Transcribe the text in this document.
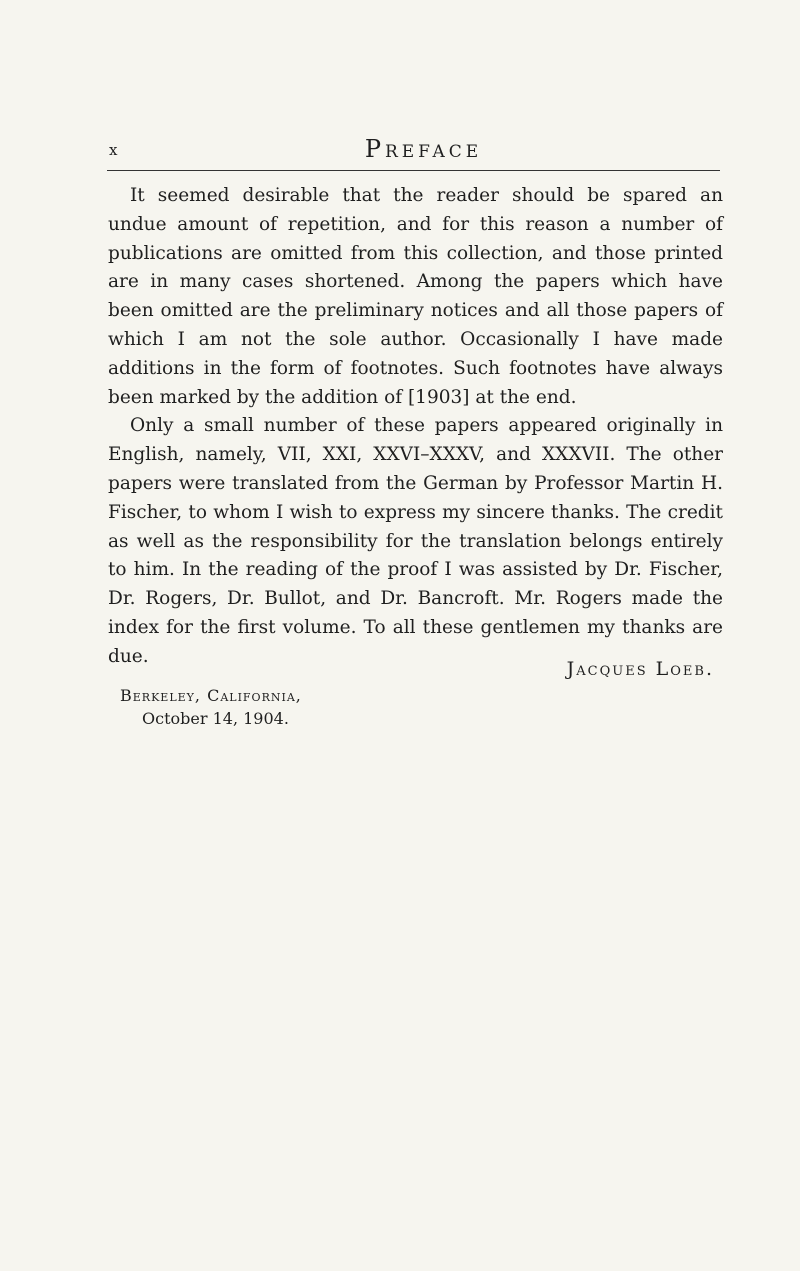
x	Preface

It seemed desirable that the reader should be spared an undue amount of repetition, and for this reason a number of publications are omitted from this collection, and those printed are in many cases shortened. Among the papers which have been omitted are the preliminary notices and all those papers of which I am not the sole author. Occasionally I have made additions in the form of footnotes. Such footnotes have always been marked by the addition of [1903] at the end.

Only a small number of these papers appeared originally in English, namely, VII, XXI, XXVI–XXXV, and XXXVII. The other papers were translated from the German by Professor Martin H. Fischer, to whom I wish to express my sincere thanks. The credit as well as the responsibility for the translation belongs entirely to him. In the reading of the proof I was assisted by Dr. Fischer, Dr. Rogers, Dr. Bullot, and Dr. Bancroft. Mr. Rogers made the index for the first volume. To all these gentlemen my thanks are due.

Jacques Loeb.
Berkeley, California,
October 14, 1904.
